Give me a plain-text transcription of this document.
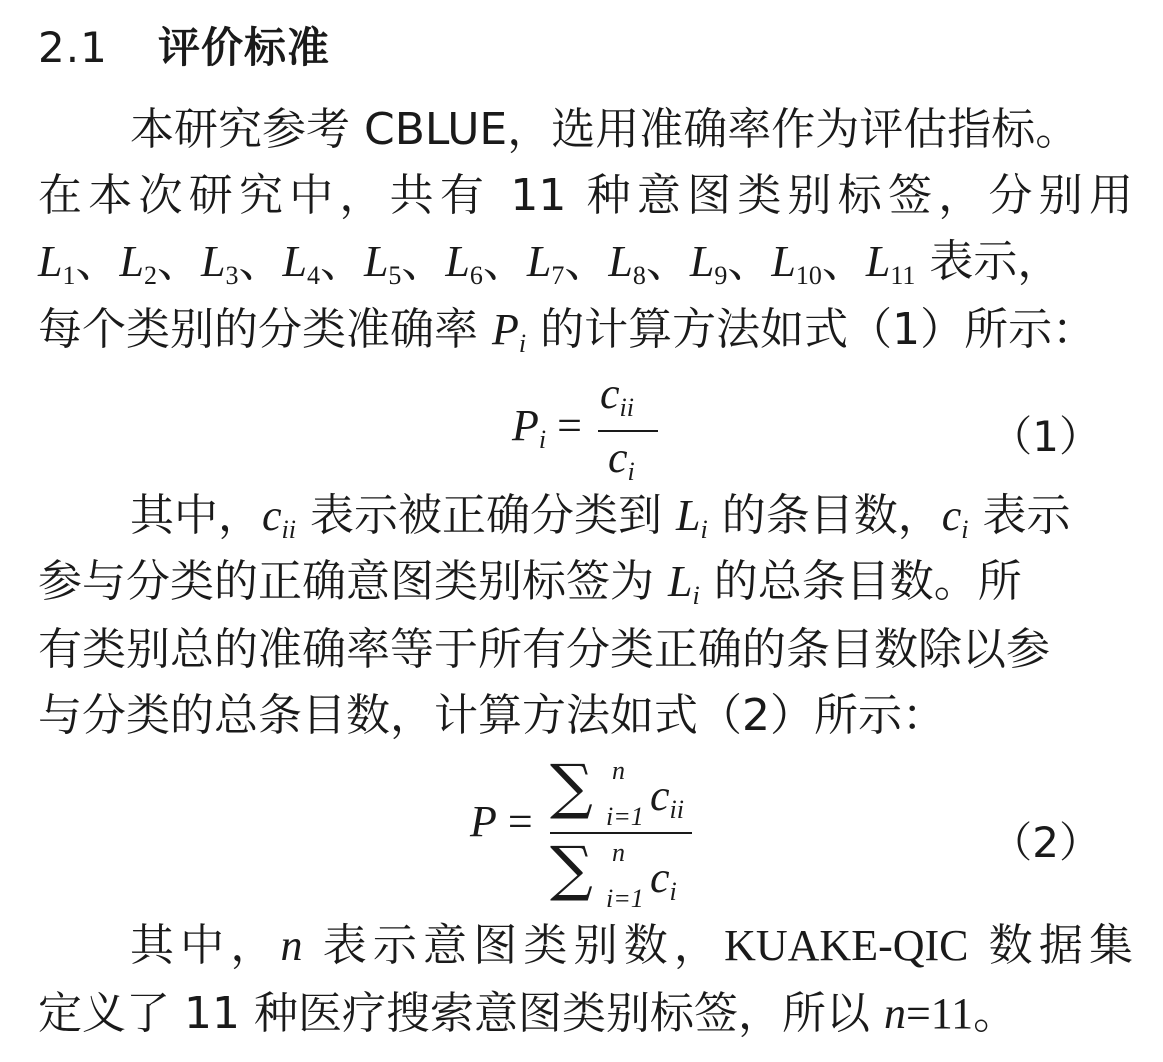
2.1 评价标准
本研究参考 CBLUE，选用准确率作为评估指标。
在本次研究中，共有 11 种意图类别标签，分别用
$L_1$、$L_2$、$L_3$、$L_4$、$L_5$、$L_6$、$L_7$、$L_8$、$L_9$、$L_{10}$、$L_{11}$ 表示，
每个类别的分类准确率 $P_i$ 的计算方法如式（1）所示：
$P_i$ =
$c_{ii}$
$c_i$
（1）
其中，$c_{ii}$ 表示被正确分类到 $L_i$ 的条目数，$c_i$ 表示
参与分类的正确意图类别标签为 $L_i$ 的总条目数。所
有类别总的准确率等于所有分类正确的条目数除以参
与分类的总条目数，计算方法如式（2）所示：
P = ∑ n
i=1 $c_{ii}$
∑ n
i=1 $c_i$
（2）
其中，n 表示意图类别数，KUAKE-QIC 数据集
定义了 11 种医疗搜索意图类别标签，所以 n=11。
